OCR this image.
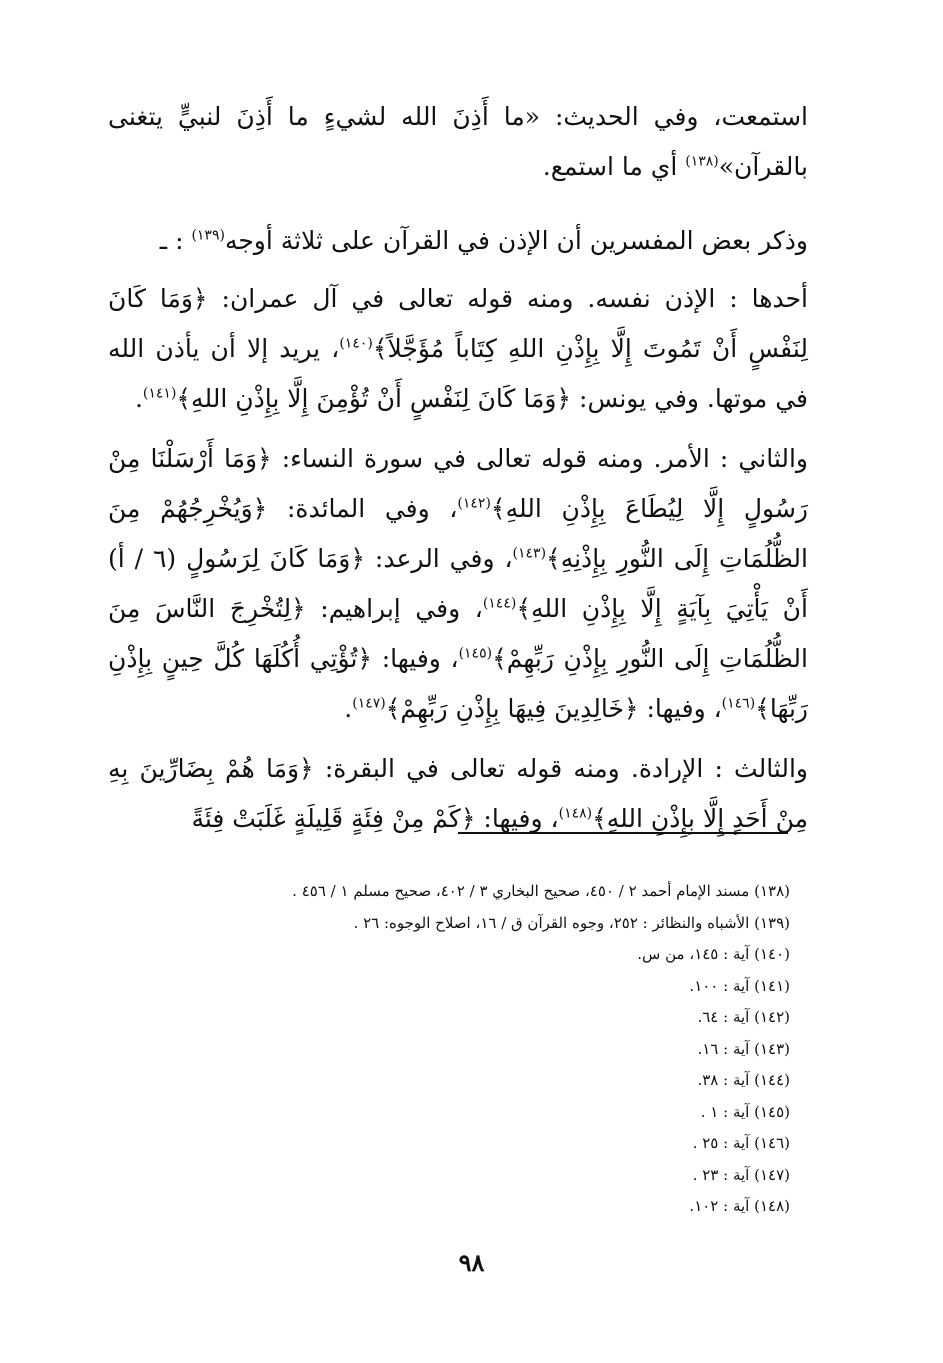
استمعت، وفي الحديث: «ما أَذِنَ الله لشيءٍ ما أَذِنَ لنبيٍّ يتغنى بالقرآن»$^{(١٣٨)}$ أي ما استمع.

وذكر بعض المفسرين أن الإذن في القرآن على ثلاثة أوجه$^{(١٣٩)}$ : ـ

أحدها : الإذن نفسه. ومنه قوله تعالى في آل عمران: ﴿وَمَا كَانَ لِنَفْسٍ أَنْ تَمُوتَ إِلَّا بِإِذْنِ اللهِ كِتَاباً مُؤَجَّلاً﴾$^{(١٤٠)}$، يريد إلا أن يأذن الله في موتها. وفي يونس: ﴿وَمَا كَانَ لِنَفْسٍ أَنْ تُؤْمِنَ إِلَّا بِإِذْنِ اللهِ﴾$^{(١٤١)}$.

والثاني : الأمر. ومنه قوله تعالى في سورة النساء: ﴿وَمَا أَرْسَلْنَا مِنْ رَسُولٍ إِلَّا لِيُطَاعَ بِإِذْنِ اللهِ﴾$^{(١٤٢)}$، وفي المائدة: ﴿وَيُخْرِجُهُمْ مِنَ الظُّلُمَاتِ إِلَى النُّورِ بِإِذْنِهِ﴾$^{(١٤٣)}$، وفي الرعد: ﴿وَمَا كَانَ لِرَسُولٍ (٦ / أ) أَنْ يَأْتِيَ بِآيَةٍ إِلَّا بِإِذْنِ اللهِ﴾$^{(١٤٤)}$، وفي إبراهيم: ﴿لِتُخْرِجَ النَّاسَ مِنَ الظُّلُمَاتِ إِلَى النُّورِ بِإِذْنِ رَبِّهِمْ﴾$^{(١٤٥)}$، وفيها: ﴿تُؤْتِي أُكُلَهَا كُلَّ حِينٍ بِإِذْنِ رَبِّهَا﴾$^{(١٤٦)}$، وفيها: ﴿خَالِدِينَ فِيهَا بِإِذْنِ رَبِّهِمْ﴾$^{(١٤٧)}$.

والثالث : الإرادة. ومنه قوله تعالى في البقرة: ﴿وَمَا هُمْ بِضَارِّينَ بِهِ مِنْ أَحَدٍ إِلَّا بِإِذْنِ اللهِ﴾$^{(١٤٨)}$، وفيها: ﴿كَمْ مِنْ فِئَةٍ قَلِيلَةٍ غَلَبَتْ فِئَةً

(١٣٨) مسند الإمام أحمد ٢ / ٤٥٠، صحيح البخاري ٣ / ٤٠٢، صحيح مسلم ١ / ٤٥٦ .
(١٣٩) الأشباه والنظائر : ٢٥٢، وجوه القرآن ق / ١٦، اصلاح الوجوه: ٢٦ .
(١٤٠) آية : ١٤٥، من س.
(١٤١) آية : ١٠٠.
(١٤٢) آية : ٦٤.
(١٤٣) آية : ١٦.
(١٤٤) آية : ٣٨.
(١٤٥) آية : ١ .
(١٤٦) آية : ٢٥ .
(١٤٧) آية : ٢٣ .
(١٤٨) آية : ١٠٢.
٩٨
